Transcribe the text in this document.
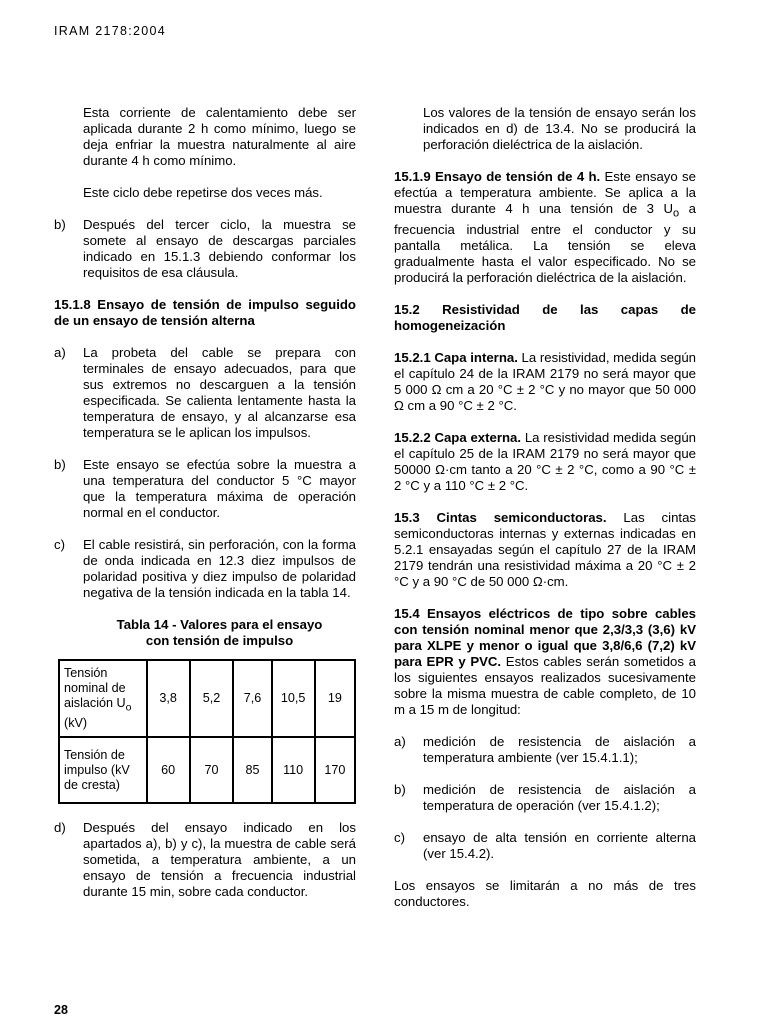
IRAM 2178:2004

Esta corriente de calentamiento debe ser aplicada durante 2 h como mínimo, luego se deja enfriar la muestra naturalmente al aire durante 4 h como mínimo.

Este ciclo debe repetirse dos veces más.

b) Después del tercer ciclo, la muestra se somete al ensayo de descargas parciales indicado en 15.1.3 debiendo conformar los requisitos de esa cláusula.

15.1.8 Ensayo de tensión de impulso seguido de un ensayo de tensión alterna

a) La probeta del cable se prepara con terminales de ensayo adecuados, para que sus extremos no descarguen a la tensión especificada. Se calienta lentamente hasta la temperatura de ensayo, y al alcanzarse esa temperatura se le aplican los impulsos.
b) Este ensayo se efectúa sobre la muestra a una temperatura del conductor 5 °C mayor que la temperatura máxima de operación normal en el conductor.
c) El cable resistirá, sin perforación, con la forma de onda indicada en 12.3 diez impulsos de polaridad positiva y diez impulso de polaridad negativa de la tensión indicada en la tabla 14.
Tabla 14 - Valores para el ensayo
con tensión de impulso
Tensión nominal de aislación $U_o$ (kV)	3,8	5,2	7,6	10,5	19
Tensión de impulso (kV de cresta)	60	70	85	110	170
d) Después del ensayo indicado en los apartados a), b) y c), la muestra de cable será sometida, a temperatura ambiente, a un ensayo de tensión a frecuencia industrial durante 15 min, sobre cada conductor.

Los valores de la tensión de ensayo serán los indicados en d) de 13.4. No se producirá la perforación dieléctrica de la aislación.

15.1.9 Ensayo de tensión de 4 h. Este ensayo se efectúa a temperatura ambiente. Se aplica a la muestra durante 4 h una tensión de 3 $U_o$ a frecuencia industrial entre el conductor y su pantalla metálica. La tensión se eleva gradualmente hasta el valor especificado. No se producirá la perforación dieléctrica de la aislación.

15.2 Resistividad de las capas de homogeneización

15.2.1 Capa interna. La resistividad, medida según el capítulo 24 de la IRAM 2179 no será mayor que 5 000 Ω cm a 20 °C ± 2 °C y no mayor que 50 000 Ω cm a 90 °C ± 2 °C.

15.2.2 Capa externa. La resistividad medida según el capítulo 25 de la IRAM 2179 no será mayor que 50000 Ω·cm tanto a 20 °C ± 2 °C, como a 90 °C ± 2 °C y a 110 °C ± 2 °C.

15.3 Cintas semiconductoras. Las cintas semiconductoras internas y externas indicadas en 5.2.1 ensayadas según el capítulo 27 de la IRAM 2179 tendrán una resistividad máxima a 20 °C ± 2 °C y a 90 °C de 50 000 Ω·cm.

15.4 Ensayos eléctricos de tipo sobre cables con tensión nominal menor que 2,3/3,3 (3,6) kV para XLPE y menor o igual que 3,8/6,6 (7,2) kV para EPR y PVC. Estos cables serán sometidos a los siguientes ensayos realizados sucesivamente sobre la misma muestra de cable completo, de 10 m a 15 m de longitud:

a) medición de resistencia de aislación a temperatura ambiente (ver 15.4.1.1);
b) medición de resistencia de aislación a temperatura de operación (ver 15.4.1.2);
c) ensayo de alta tensión en corriente alterna (ver 15.4.2).

Los ensayos se limitarán a no más de tres conductores.

28
